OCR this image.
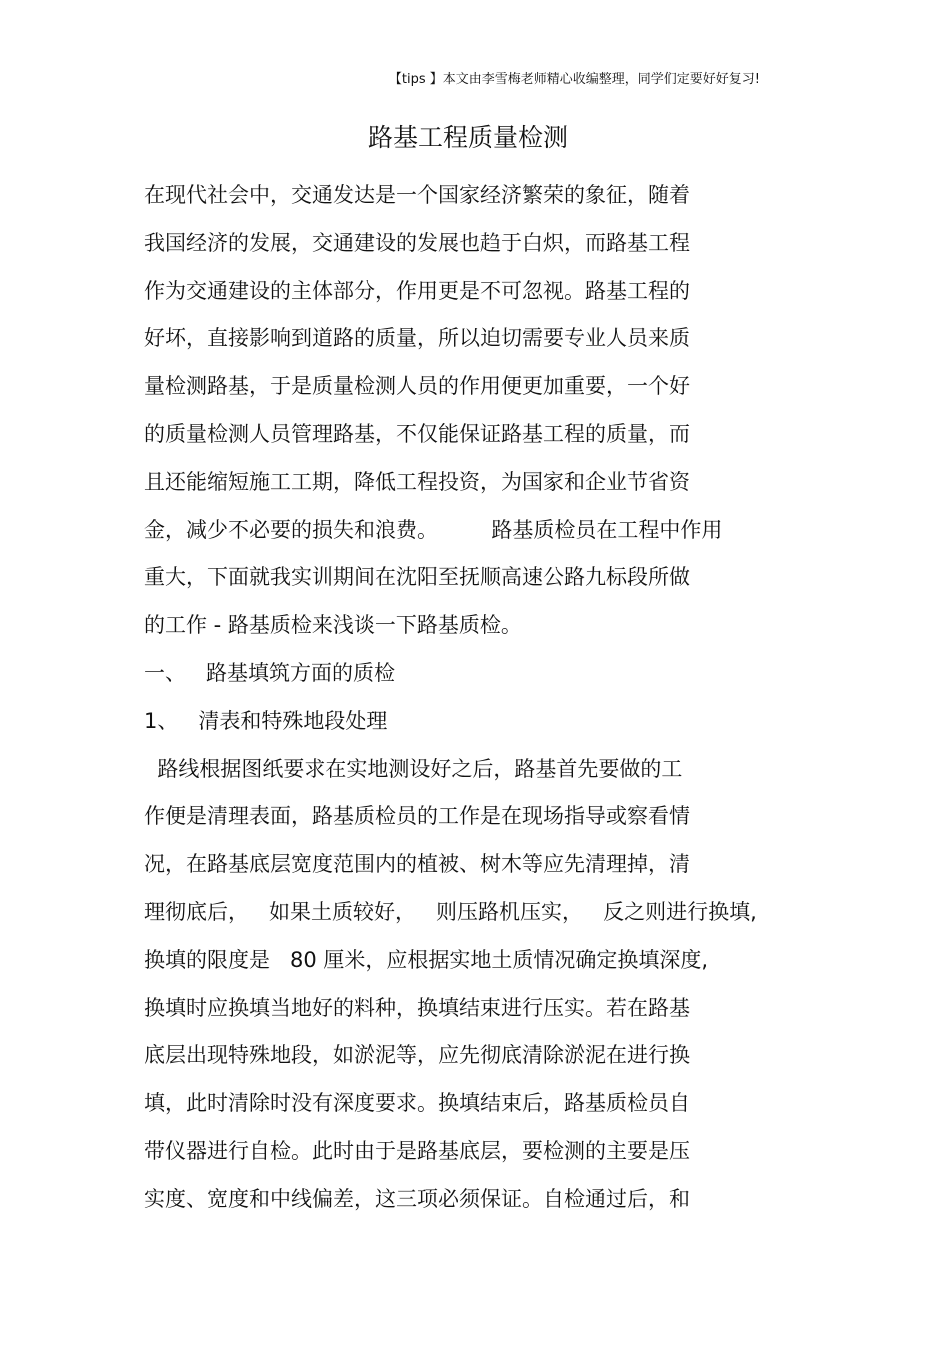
【tips 】本文由李雪梅老师精心收编整理，同学们定要好好复习!
路基工程质量检测
在现代社会中，交通发达是一个国家经济繁荣的象征，随着
我国经济的发展，交通建设的发展也趋于白炽，而路基工程
作为交通建设的主体部分，作用更是不可忽视。路基工程的
好坏，直接影响到道路的质量，所以迫切需要专业人员来质
量检测路基，于是质量检测人员的作用便更加重要，一个好
的质量检测人员管理路基，不仅能保证路基工程的质量，而
且还能缩短施工工期，降低工程投资，为国家和企业节省资
金，减少不必要的损失和浪费。        路基质检员在工程中作用
重大，下面就我实训期间在沈阳至抚顺高速公路九标段所做
的工作 - 路基质检来浅谈一下路基质检。
一、   路基填筑方面的质检
1、   清表和特殊地段处理
路线根据图纸要求在实地测设好之后，路基首先要做的工
作便是清理表面，路基质检员的工作是在现场指导或察看情
况，在路基底层宽度范围内的植被、树木等应先清理掉，清
理彻底后，   如果土质较好，   则压路机压实，   反之则进行换填,
换填的限度是   80 厘米，应根据实地土质情况确定换填深度,
换填时应换填当地好的料种，换填结束进行压实。若在路基
底层出现特殊地段，如淤泥等，应先彻底清除淤泥在进行换
填，此时清除时没有深度要求。换填结束后，路基质检员自
带仪器进行自检。此时由于是路基底层，要检测的主要是压
实度、宽度和中线偏差，这三项必须保证。自检通过后，和
